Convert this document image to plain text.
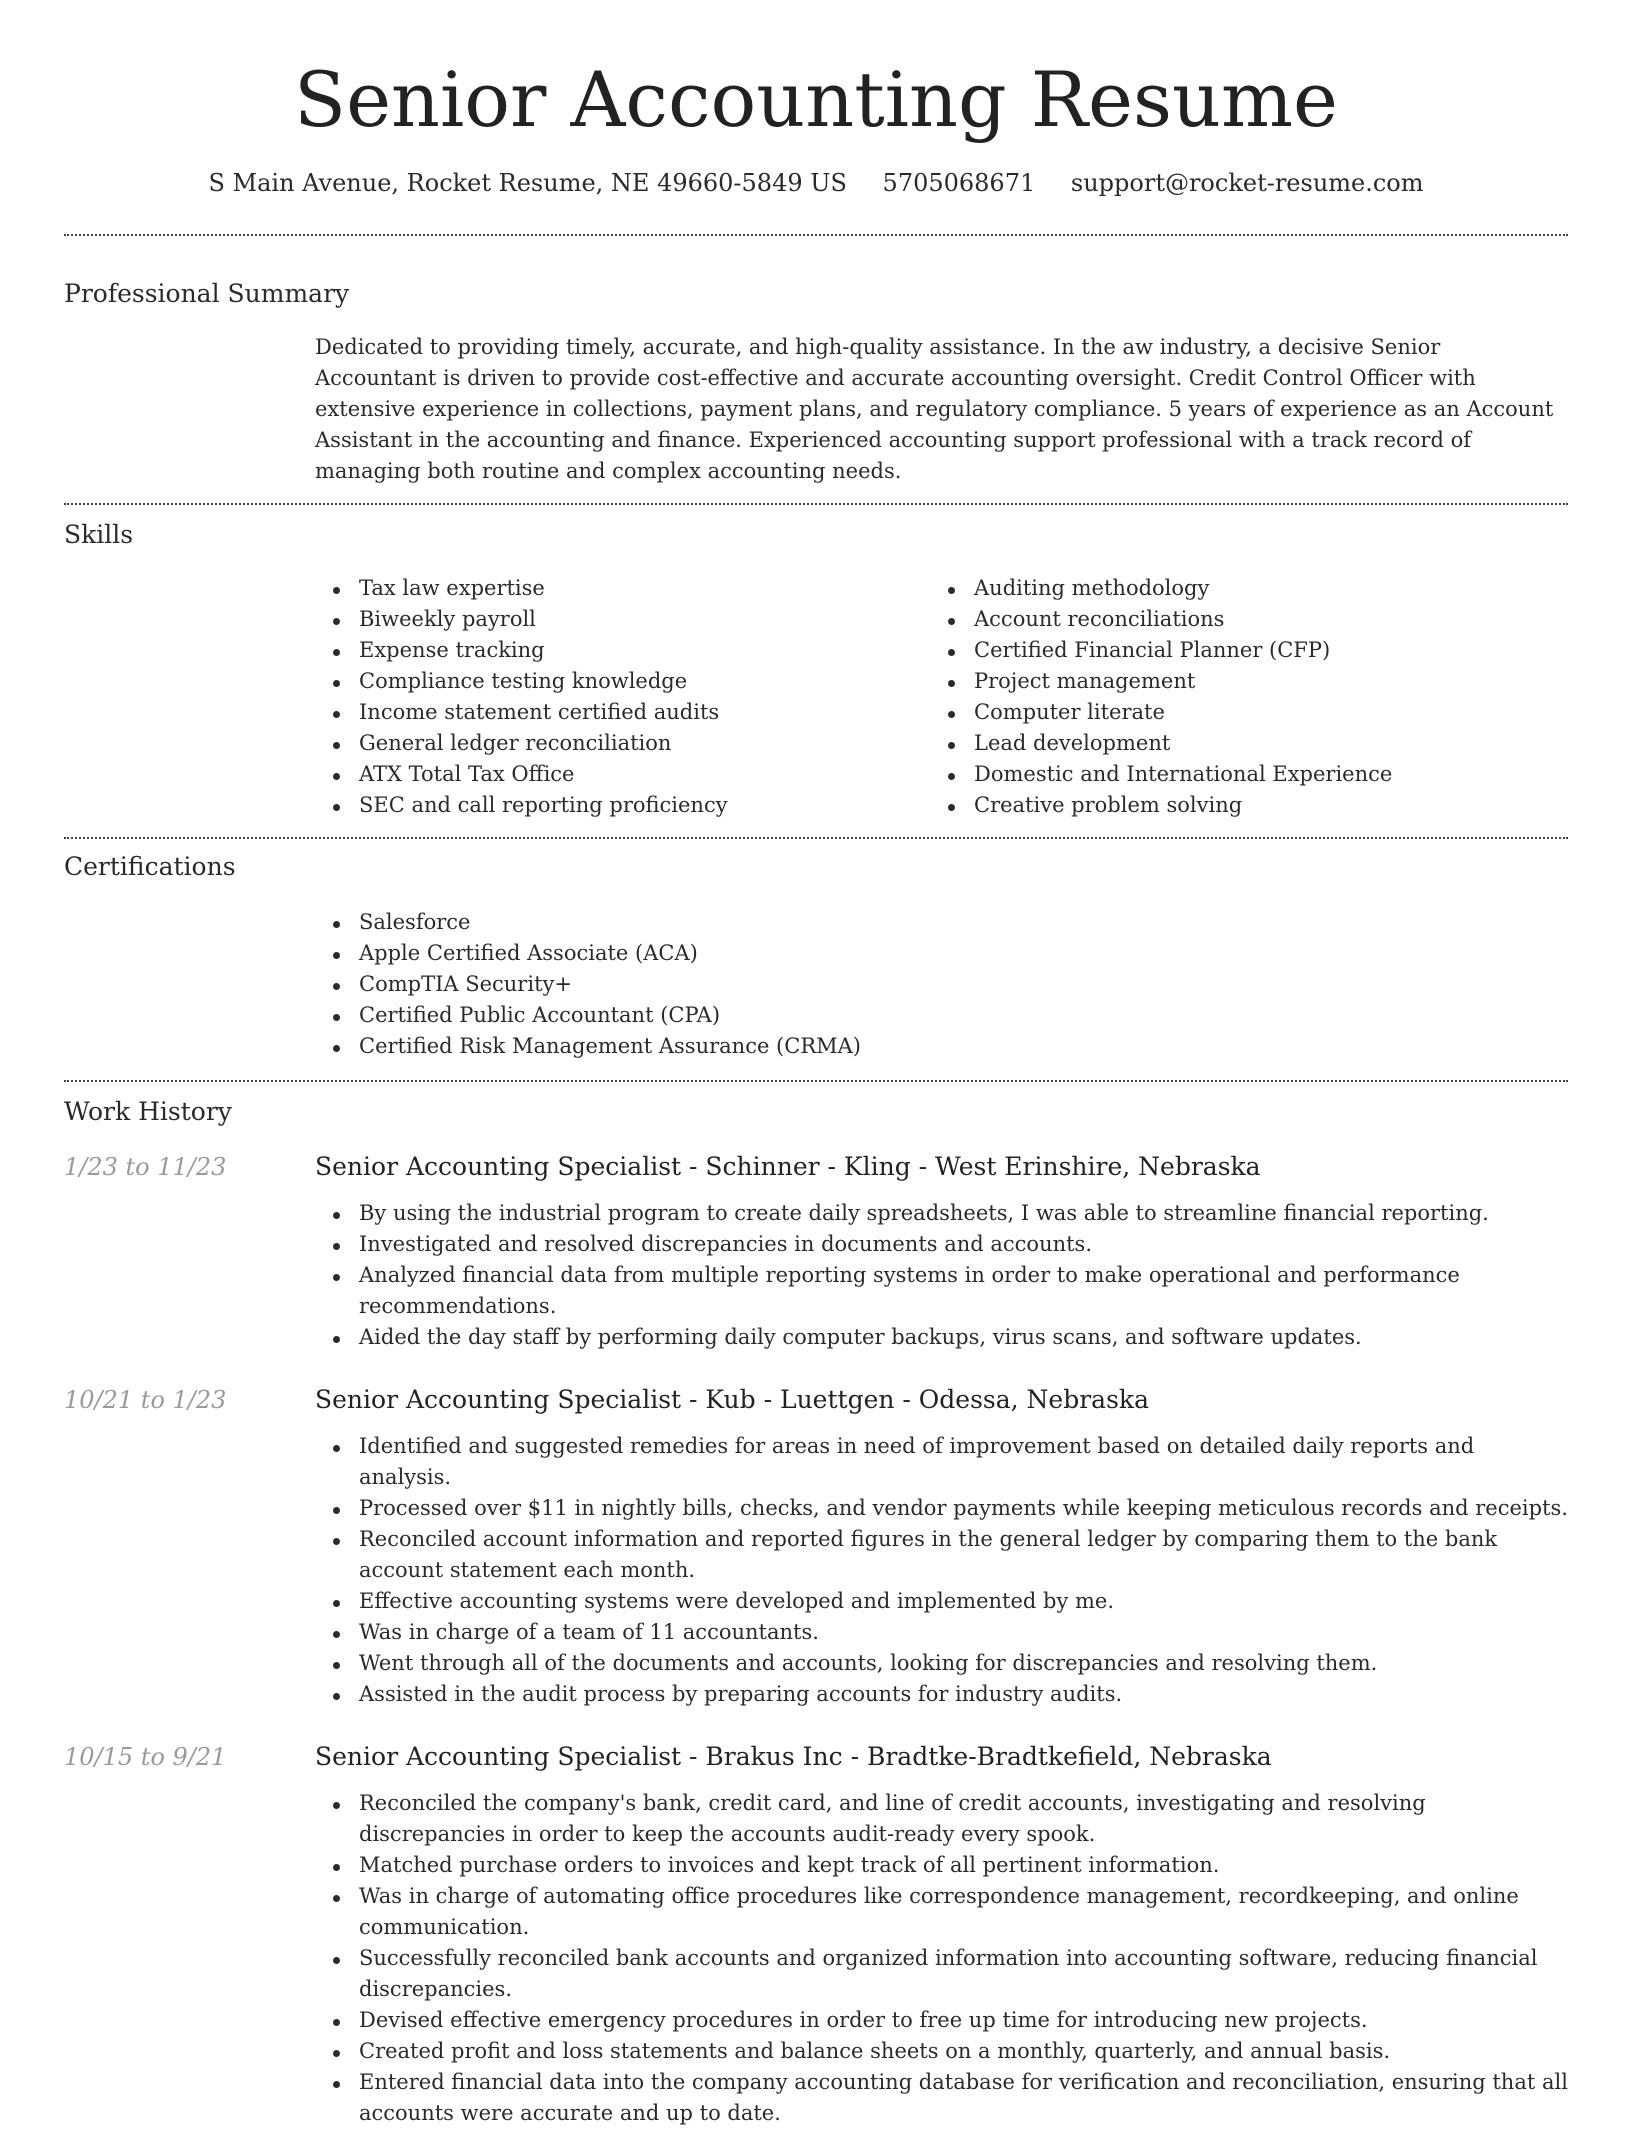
Senior Accounting Resume
S Main Avenue, Rocket Resume, NE 49660-5849 US 5705068671 support@rocket-resume.com
Professional Summary

Dedicated to providing timely, accurate, and high-quality assistance. In the aw industry, a decisive Senior Accountant is driven to provide cost-effective and accurate accounting oversight. Credit Control Officer with extensive experience in collections, payment plans, and regulatory compliance. 5 years of experience as an Account Assistant in the accounting and finance. Experienced accounting support professional with a track record of managing both routine and complex accounting needs.

Skills
Tax law expertise
Biweekly payroll
Expense tracking
Compliance testing knowledge
Income statement certified audits
General ledger reconciliation
ATX Total Tax Office
SEC and call reporting proficiency
Auditing methodology
Account reconciliations
Certified Financial Planner (CFP)
Project management
Computer literate
Lead development
Domestic and International Experience
Creative problem solving
Certifications
Salesforce
Apple Certified Associate (ACA)
CompTIA Security+
Certified Public Accountant (CPA)
Certified Risk Management Assurance (CRMA)
Work History
1/23 to 11/23	Senior Accounting Specialist - Schinner - Kling - West Erinshire, Nebraska
By using the industrial program to create daily spreadsheets, I was able to streamline financial reporting.
Investigated and resolved discrepancies in documents and accounts.
Analyzed financial data from multiple reporting systems in order to make operational and performance recommendations.
Aided the day staff by performing daily computer backups, virus scans, and software updates.
10/21 to 1/23	Senior Accounting Specialist - Kub - Luettgen - Odessa, Nebraska
Identified and suggested remedies for areas in need of improvement based on detailed daily reports and analysis.
Processed over $11 in nightly bills, checks, and vendor payments while keeping meticulous records and receipts.
Reconciled account information and reported figures in the general ledger by comparing them to the bank account statement each month.
Effective accounting systems were developed and implemented by me.
Was in charge of a team of 11 accountants.
Went through all of the documents and accounts, looking for discrepancies and resolving them.
Assisted in the audit process by preparing accounts for industry audits.
10/15 to 9/21	Senior Accounting Specialist - Brakus Inc - Bradtke-Bradtkefield, Nebraska
Reconciled the company's bank, credit card, and line of credit accounts, investigating and resolving discrepancies in order to keep the accounts audit-ready every spook.
Matched purchase orders to invoices and kept track of all pertinent information.
Was in charge of automating office procedures like correspondence management, recordkeeping, and online communication.
Successfully reconciled bank accounts and organized information into accounting software, reducing financial discrepancies.
Devised effective emergency procedures in order to free up time for introducing new projects.
Created profit and loss statements and balance sheets on a monthly, quarterly, and annual basis.
Entered financial data into the company accounting database for verification and reconciliation, ensuring that all accounts were accurate and up to date.
